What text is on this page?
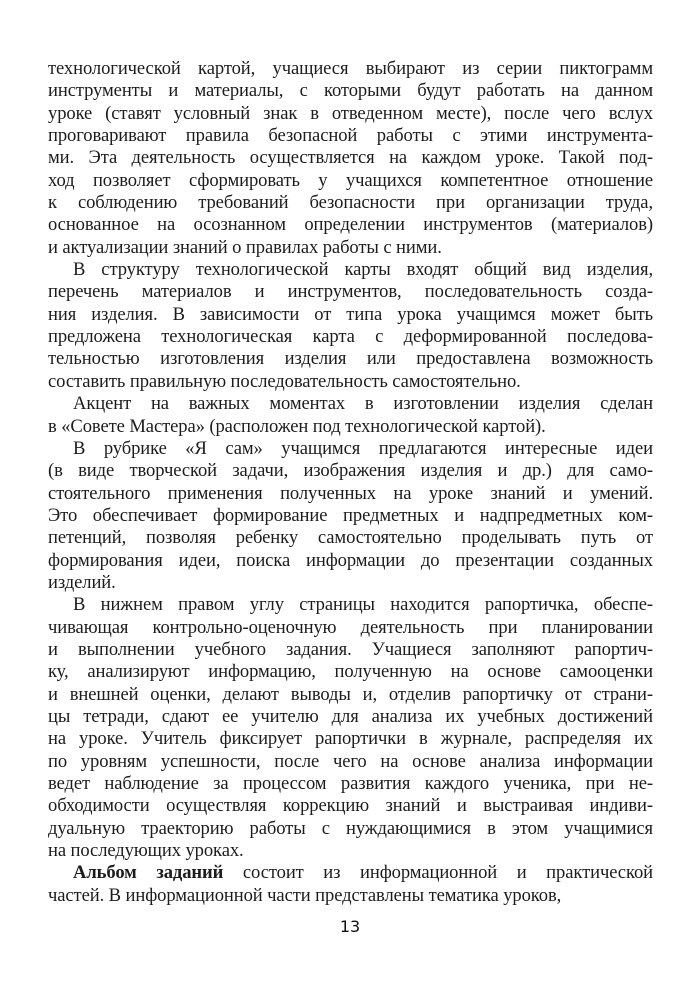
технологической картой, учащиеся выбирают из серии пиктограмм
инструменты и материалы, с которыми будут работать на данном
уроке (ставят условный знак в отведенном месте), после чего вслух
проговаривают правила безопасной работы с этими инструмента-
ми. Эта деятельность осуществляется на каждом уроке. Такой под-
ход позволяет сформировать у учащихся компетентное отношение
к соблюдению требований безопасности при организации труда,
основанное на осознанном определении инструментов (материалов)
и актуализации знаний о правилах работы с ними.
В структуру технологической карты входят общий вид изделия,
перечень материалов и инструментов, последовательность созда-
ния изделия. В зависимости от типа урока учащимся может быть
предложена технологическая карта с деформированной последова-
тельностью изготовления изделия или предоставлена возможность
составить правильную последовательность самостоятельно.
Акцент на важных моментах в изготовлении изделия сделан
в «Совете Мастера» (расположен под технологической картой).
В рубрике «Я сам» учащимся предлагаются интересные идеи
(в виде творческой задачи, изображения изделия и др.) для само-
стоятельного применения полученных на уроке знаний и умений.
Это обеспечивает формирование предметных и надпредметных ком-
петенций, позволяя ребенку самостоятельно проделывать путь от
формирования идеи, поиска информации до презентации созданных
изделий.
В нижнем правом углу страницы находится рапортичка, обеспе-
чивающая контрольно-оценочную деятельность при планировании
и выполнении учебного задания. Учащиеся заполняют рапортич-
ку, анализируют информацию, полученную на основе самооценки
и внешней оценки, делают выводы и, отделив рапортичку от страни-
цы тетради, сдают ее учителю для анализа их учебных достижений
на уроке. Учитель фиксирует рапортички в журнале, распределяя их
по уровням успешности, после чего на основе анализа информации
ведет наблюдение за процессом развития каждого ученика, при не-
обходимости осуществляя коррекцию знаний и выстраивая индиви-
дуальную траекторию работы с нуждающимися в этом учащимися
на последующих уроках.
Альбом заданий состоит из информационной и практической
частей. В информационной части представлены тематика уроков,
13
